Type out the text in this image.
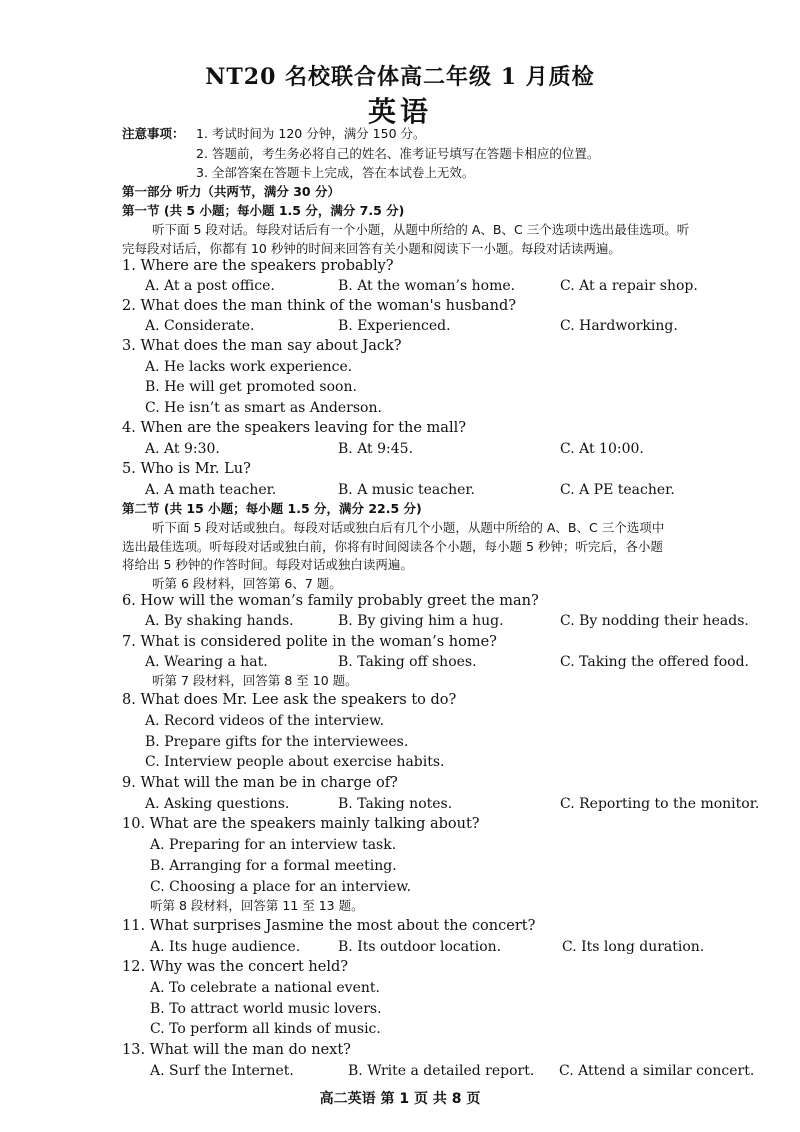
NT20 名校联合体高二年级 1 月质检
英语
注意事项： 1. 考试时间为 120 分钟，满分 150 分。
2. 答题前，考生务必将自己的姓名、准考证号填写在答题卡相应的位置。
3. 全部答案在答题卡上完成，答在本试卷上无效。
第一部分 听力（共两节，满分 30 分）
第一节 (共 5 小题；每小题 1.5 分，满分 7.5 分)
听下面 5 段对话。每段对话后有一个小题，从题中所给的 A、B、C 三个选项中选出最佳选项。听
完每段对话后，你都有 10 秒钟的时间来回答有关小题和阅读下一小题。每段对话读两遍。
1. Where are the speakers probably?
A. At a post office.	B. At the woman’s home.	C. At a repair shop.
2. What does the man think of the woman's husband?
A. Considerate.	B. Experienced.	C. Hardworking.
3. What does the man say about Jack?
A. He lacks work experience.
B. He will get promoted soon.
C. He isn’t as smart as Anderson.
4. When are the speakers leaving for the mall?
A. At 9:30.	B. At 9:45.	C. At 10:00.
5. Who is Mr. Lu?
A. A math teacher.	B. A music teacher.	C. A PE teacher.
第二节 (共 15 小题；每小题 1.5 分，满分 22.5 分)
听下面 5 段对话或独白。每段对话或独白后有几个小题，从题中所给的 A、B、C 三个选项中
选出最佳选项。听每段对话或独白前，你将有时间阅读各个小题，每小题 5 秒钟；听完后，各小题
将给出 5 秒钟的作答时间。每段对话或独白读两遍。
听第 6 段材料，回答第 6、7 题。
6. How will the woman’s family probably greet the man?
A. By shaking hands.	B. By giving him a hug.	C. By nodding their heads.
7. What is considered polite in the woman’s home?
A. Wearing a hat.	B. Taking off shoes.	C. Taking the offered food.
听第 7 段材料，回答第 8 至 10 题。
8. What does Mr. Lee ask the speakers to do?
A. Record videos of the interview.
B. Prepare gifts for the interviewees.
C. Interview people about exercise habits.
9. What will the man be in charge of?
A. Asking questions.	B. Taking notes.	C. Reporting to the monitor.
10. What are the speakers mainly talking about?
A. Preparing for an interview task.
B. Arranging for a formal meeting.
C. Choosing a place for an interview.
听第 8 段材料，回答第 11 至 13 题。
11. What surprises Jasmine the most about the concert?
A. Its huge audience.	B. Its outdoor location.	C. Its long duration.
12. Why was the concert held?
A. To celebrate a national event.
B. To attract world music lovers.
C. To perform all kinds of music.
13. What will the man do next?
A. Surf the Internet.	B. Write a detailed report. C. Attend a similar concert.
高二英语 第 1 页 共 8 页
